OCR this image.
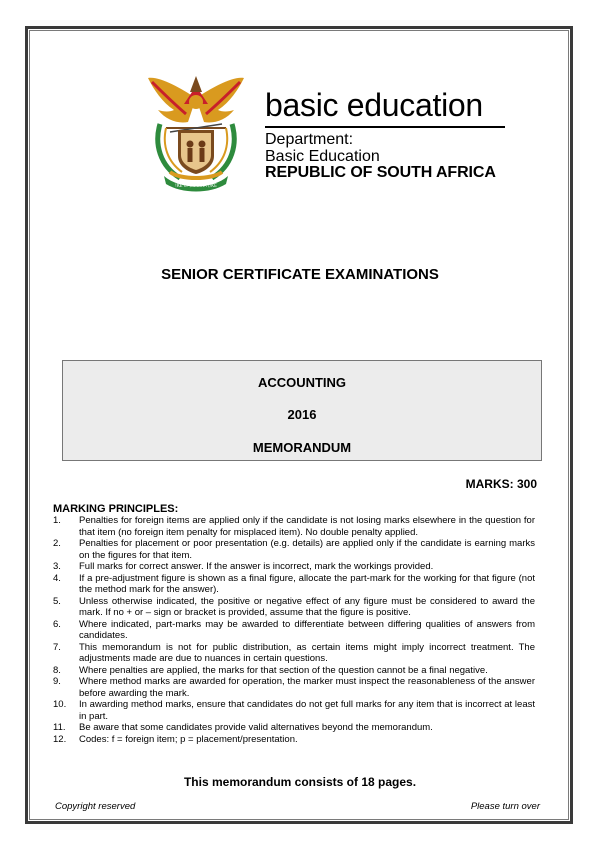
!KE E: /XARRA //KE
basic education
Department:
Basic Education
REPUBLIC OF SOUTH AFRICA
SENIOR CERTIFICATE EXAMINATIONS
ACCOUNTING
2016
MEMORANDUM
MARKS: 300
MARKING PRINCIPLES:
1. Penalties for foreign items are applied only if the candidate is not losing marks elsewhere in the question for that item (no foreign item penalty for misplaced item). No double penalty applied.
2. Penalties for placement or poor presentation (e.g. details) are applied only if the candidate is earning marks on the figures for that item.
3. Full marks for correct answer. If the answer is incorrect, mark the workings provided.
4. If a pre-adjustment figure is shown as a final figure, allocate the part-mark for the working for that figure (not the method mark for the answer).
5. Unless otherwise indicated, the positive or negative effect of any figure must be considered to award the mark. If no + or – sign or bracket is provided, assume that the figure is positive.
6. Where indicated, part-marks may be awarded to differentiate between differing qualities of answers from candidates.
7. This memorandum is not for public distribution, as certain items might imply incorrect treatment. The adjustments made are due to nuances in certain questions.
8. Where penalties are applied, the marks for that section of the question cannot be a final negative.
9. Where method marks are awarded for operation, the marker must inspect the reasonableness of the answer before awarding the mark.
10. In awarding method marks, ensure that candidates do not get full marks for any item that is incorrect at least in part.
11. Be aware that some candidates provide valid alternatives beyond the memorandum.
12. Codes: f = foreign item; p = placement/presentation.
This memorandum consists of 18 pages.
Copyright reserved	Please turn over
